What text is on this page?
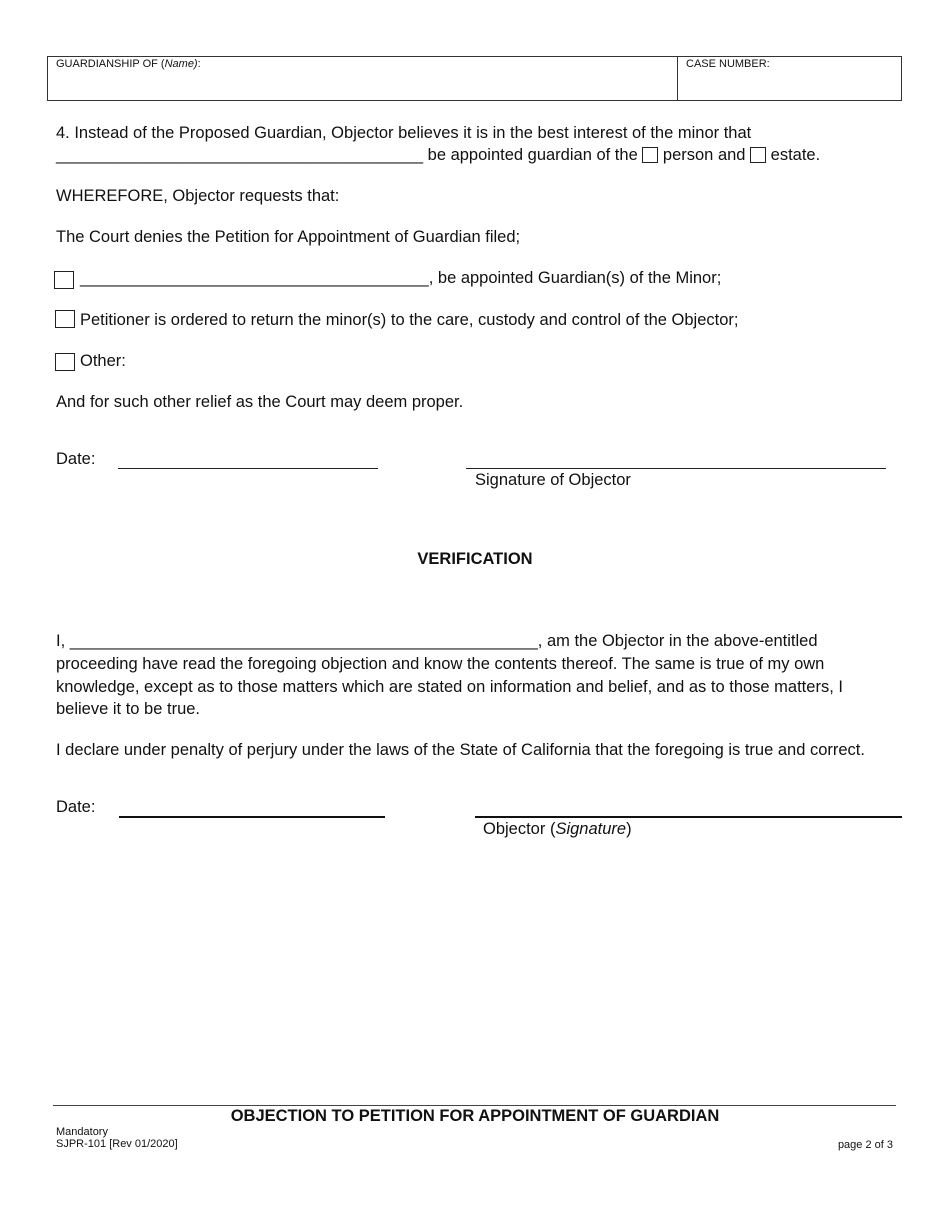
GUARDIANSHIP OF (Name):	CASE NUMBER:
4. Instead of the Proposed Guardian, Objector believes it is in the best interest of the minor that
________________________________________ be appointed guardian of the  person and  estate.
WHEREFORE, Objector requests that:
The Court denies the Petition for Appointment of Guardian filed;
______________________________________, be appointed Guardian(s) of the Minor;
Petitioner is ordered to return the minor(s) to the care, custody and control of the Objector;
Other:
And for such other relief as the Court may deem proper.
Date:
Signature of Objector
VERIFICATION
I, ___________________________________________________, am the Objector in the above-entitled
proceeding have read the foregoing objection and know the contents thereof. The same is true of my own
knowledge, except as to those matters which are stated on information and belief, and as to those matters, I
believe it to be true.
I declare under penalty of perjury under the laws of the State of California that the foregoing is true and correct.
Date:
Objector (Signature)
OBJECTION TO PETITION FOR APPOINTMENT OF GUARDIAN
Mandatory
SJPR-101 [Rev 01/2020]	page 2 of 3
